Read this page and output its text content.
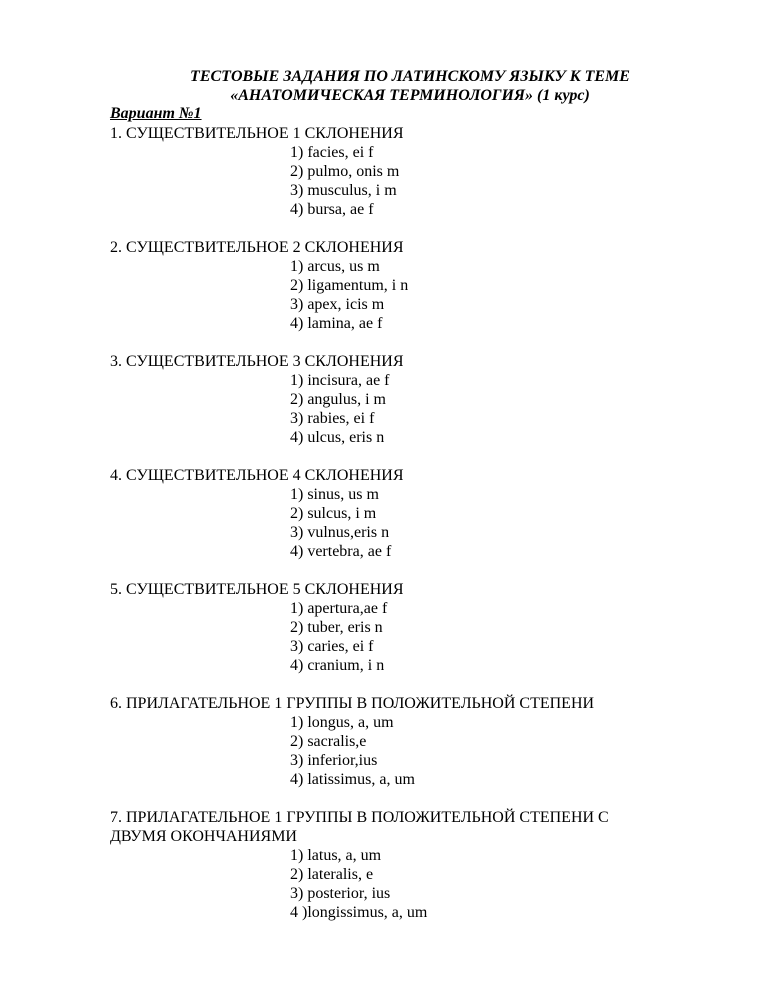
ТЕСТОВЫЕ ЗАДАНИЯ ПО ЛАТИНСКОМУ ЯЗЫКУ К ТЕМЕ
«АНАТОМИЧЕСКАЯ ТЕРМИНОЛОГИЯ» (1 курс)
Вариант №1
1. СУЩЕСТВИТЕЛЬНОЕ 1 СКЛОНЕНИЯ
1) facies, ei f
2) pulmo, onis m
3) musculus, i m
4) bursa, ae f
2. СУЩЕСТВИТЕЛЬНОЕ 2 СКЛОНЕНИЯ
1) arcus, us m
2) ligamentum, i n
3) apex, icis m
4) lamina, ae f
3. СУЩЕСТВИТЕЛЬНОЕ 3 СКЛОНЕНИЯ
1) incisura, ae f
2) angulus, i m
3) rabies, ei f
4) ulcus, eris n
4. СУЩЕСТВИТЕЛЬНОЕ 4 СКЛОНЕНИЯ
1) sinus, us m
2) sulcus, i m
3) vulnus,eris n
4) vertebra, ae f
5. СУЩЕСТВИТЕЛЬНОЕ 5 СКЛОНЕНИЯ
1) apertura,ae f
2) tuber, eris n
3) caries, ei f
4) cranium, i n
6. ПРИЛАГАТЕЛЬНОЕ 1 ГРУППЫ В ПОЛОЖИТЕЛЬНОЙ СТЕПЕНИ
1) longus, a, um
2) sacralis,e
3) inferior,ius
4) latissimus, a, um
7. ПРИЛАГАТЕЛЬНОЕ 1 ГРУППЫ В ПОЛОЖИТЕЛЬНОЙ СТЕПЕНИ С
ДВУМЯ ОКОНЧАНИЯМИ
1) latus, a, um
2) lateralis, e
3) posterior, ius
4 )longissimus, a, um
